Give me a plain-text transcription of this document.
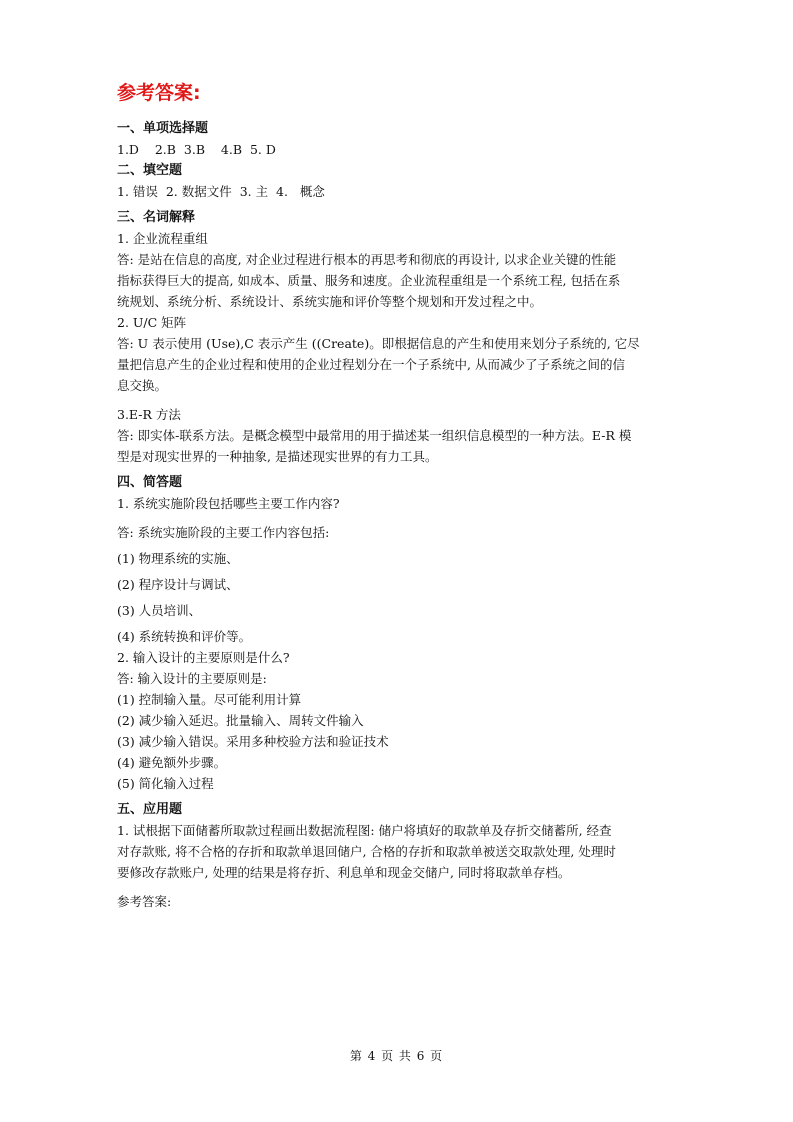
参考答案:
一、单项选择题
1.D    2.B  3.B    4.B  5. D
二、填空题
1. 错误  2. 数据文件  3. 主  4.   概念
三、名词解释
1. 企业流程重组
答: 是站在信息的高度, 对企业过程进行根本的再思考和彻底的再设计, 以求企业关键的性能
指标获得巨大的提高, 如成本、质量、服务和速度。企业流程重组是一个系统工程, 包括在系
统规划、系统分析、系统设计、系统实施和评价等整个规划和开发过程之中。
2. U/C 矩阵
答: U 表示使用 (Use),C 表示产生 ((Create)。即根据信息的产生和使用来划分子系统的, 它尽
量把信息产生的企业过程和使用的企业过程划分在一个子系统中, 从而减少了子系统之间的信
息交换。
3.E-R 方法
答: 即实体-联系方法。是概念模型中最常用的用于描述某一组织信息模型的一种方法。E-R 模
型是对现实世界的一种抽象, 是描述现实世界的有力工具。
四、简答题
1. 系统实施阶段包括哪些主要工作内容?
答: 系统实施阶段的主要工作内容包括:
(1) 物理系统的实施、
(2) 程序设计与调试、
(3) 人员培训、
(4) 系统转换和评价等。
2. 输入设计的主要原则是什么?
答: 输入设计的主要原则是:
(1) 控制输入量。尽可能利用计算
(2) 减少输入延迟。批量输入、周转文件输入
(3) 减少输入错误。采用多种校验方法和验证技术
(4) 避免额外步骤。
(5) 简化输入过程
五、应用题
1. 试根据下面储蓄所取款过程画出数据流程图: 储户将填好的取款单及存折交储蓄所, 经查
对存款账, 将不合格的存折和取款单退回储户, 合格的存折和取款单被送交取款处理, 处理时
要修改存款账户, 处理的结果是将存折、利息单和现金交储户, 同时将取款单存档。
参考答案:
第 4 页 共 6 页
